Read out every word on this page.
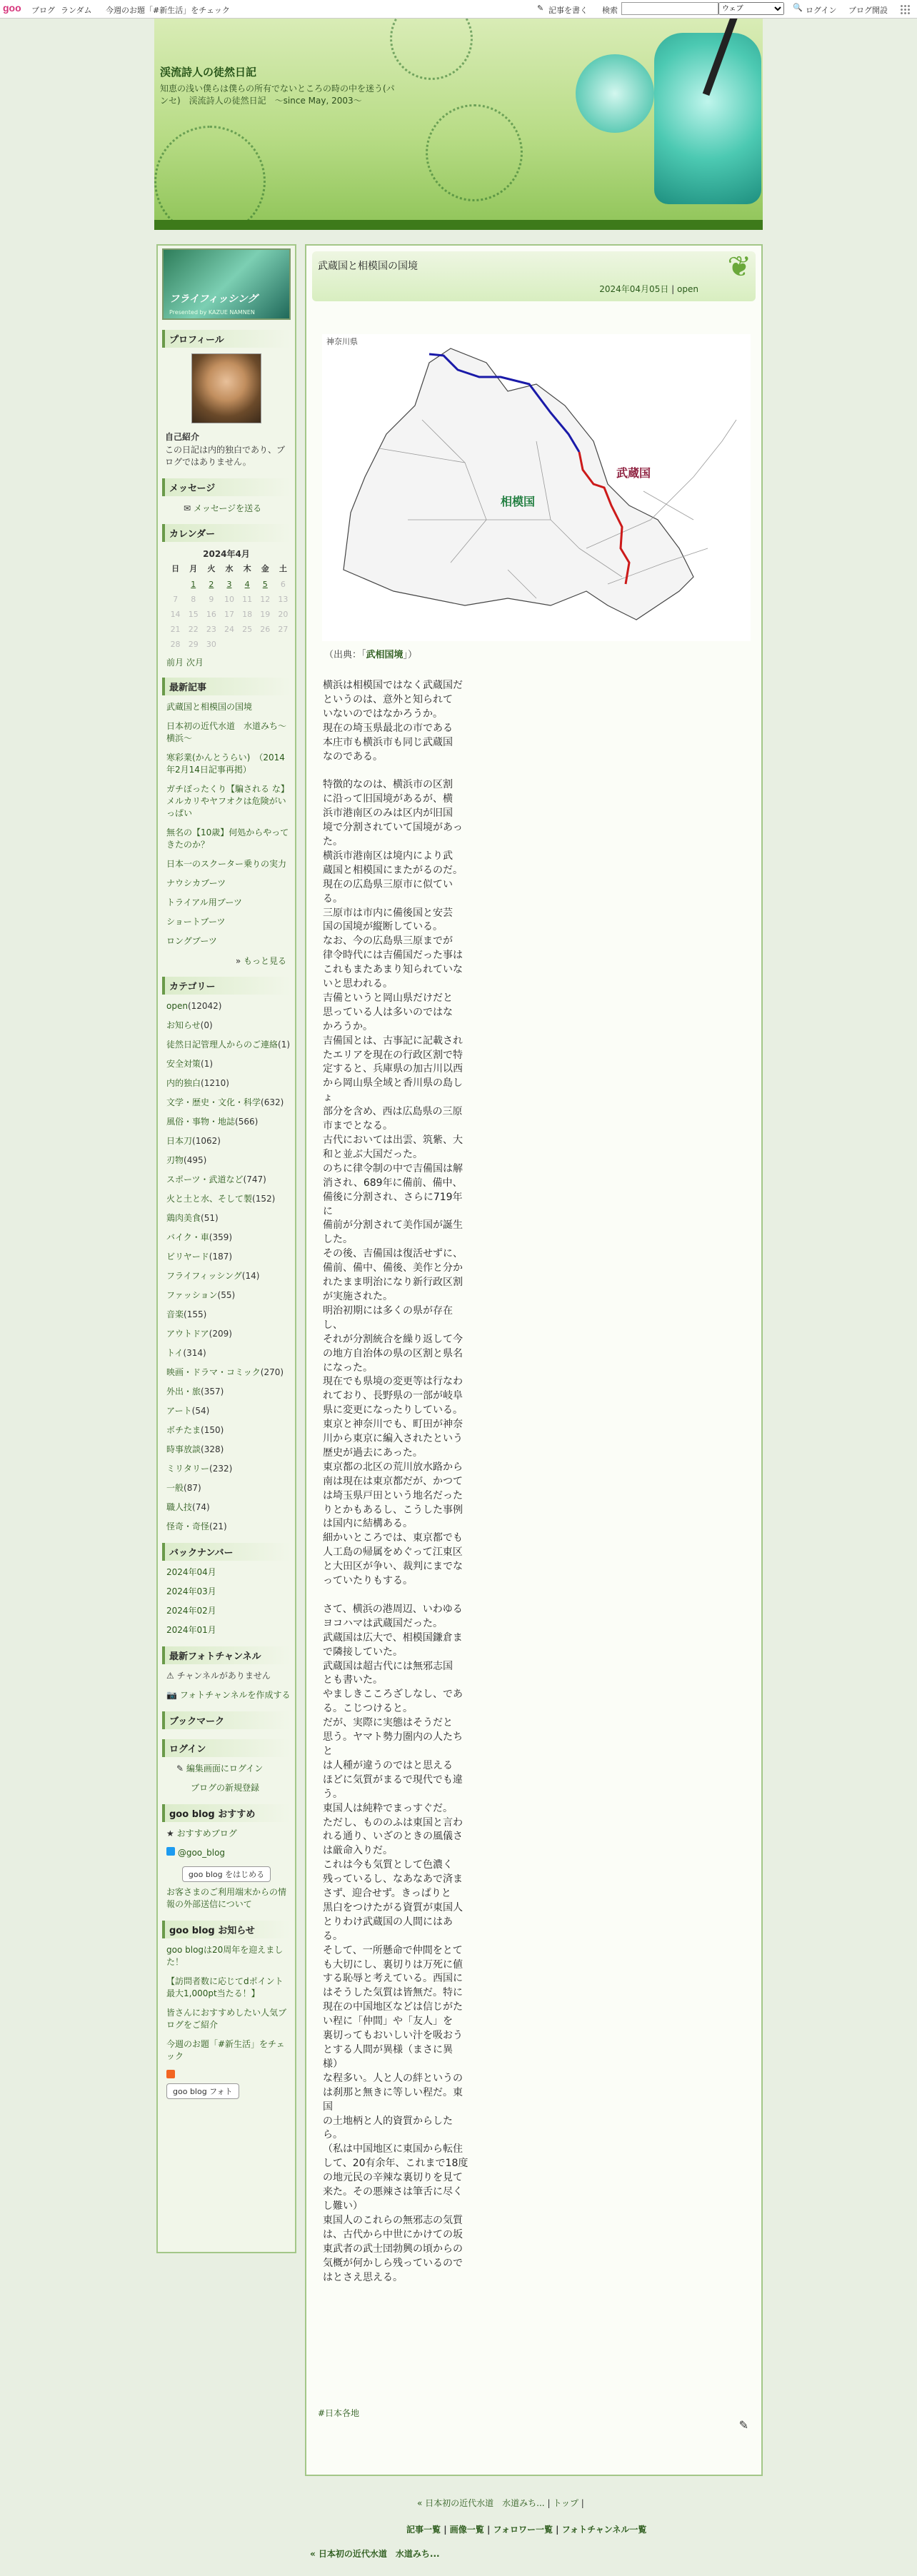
goo ブログ ランダム 今週のお題「#新生活」をチェック	✎ 記事を書く 検索
ウェブ	🔍 ログイン ブログ開設
渓流詩人の徒然日記
知恵の浅い僕らは僕らの所有でないところの時の中を迷う(パンセ)　渓流詩人の徒然日記　～since May, 2003～
フライフィッシング
Presented by KAZUE NAMNEN
プロフィール
自己紹介
この日記は内的独白であり、ブログではありません。
メッセージ
✉ メッセージを送る
カレンダー
2024年4月
日	月	火	水	木	金	土
	1	2	3	4	5	6
7	8	9	10	11	12	13
14	15	16	17	18	19	20
21	22	23	24	25	26	27
28	29	30				
前月 次月
最新記事
武蔵国と相模国の国境
日本初の近代水道　水道みち～横浜～
寒彩業(かんとうらい)　（2014年2月14日記事再掲）
ガチぼったくり【騙される な】メルカリやヤフオクは危険がいっぱい
無名の【10歳】何処からやってきたのか？
日本一のスクーター乗りの実力
ナウシカブーツ
トライアル用ブーツ
ショートブーツ
ロングブーツ
» もっと見る
カテゴリー
open(12042)
お知らせ(0)
徒然日記管理人からのご連絡(1)
安全対策(1)
内的独白(1210)
文学・歴史・文化・科学(632)
風俗・事物・地誌(566)
日本刀(1062)
刃物(495)
スポーツ・武道など(747)
火と土と水、そして製(152)
鶏肉美食(51)
バイク・車(359)
ビリヤード(187)
フライフィッシング(14)
ファッション(55)
音楽(155)
アウトドア(209)
トイ(314)
映画・ドラマ・コミック(270)
外出・旅(357)
アート(54)
ボチたま(150)
時事放談(328)
ミリタリー(232)
一般(87)
職人技(74)
怪奇・奇怪(21)
バックナンバー
2024年04月
2024年03月
2024年02月
2024年01月
最新フォトチャンネル
⚠ チャンネルがありません
📷 フォトチャンネルを作成する
ブックマーク
ログイン
✎ 編集画面にログイン
ブログの新規登録
goo blog おすすめ
★ おすすめブログ
@goo_blog
goo blog をはじめる
お客さまのご利用端末からの情報の外部送信について
goo blog お知らせ
goo blogは20周年を迎えました！
【訪問者数に応じてdポイント最大1,000pt当たる！】
皆さんにおすすめしたい人気ブログをご紹介
今週のお題「#新生活」をチェック
goo blog フォト
武蔵国と相模国の国境
2024年04月05日 | open
❦
神奈川県
武蔵国
相模国
（出典：「武相国境」）
横浜は相模国ではなく武蔵国だ
というのは、意外と知られて
いないのではなかろうか。
現在の埼玉県最北の市である
本庄市も横浜市も同じ武蔵国
なのである。

特徴的なのは、横浜市の区割
に沿って旧国境があるが、横
浜市港南区のみは区内が旧国
境で分割されていて国境があった。
横浜市港南区は境内により武
蔵国と相模国にまたがるのだ。
現在の広島県三原市に似ている。
三原市は市内に備後国と安芸
国の国境が縦断している。
なお、今の広島県三原までが
律令時代には吉備国だった事は
これもまたあまり知られていな
いと思われる。
吉備というと岡山県だけだと
思っている人は多いのではな
かろうか。
吉備国とは、古事記に記載され
たエリアを現在の行政区割で特
定すると、兵庫県の加古川以西
から岡山県全域と香川県の島しょ
部分を含め、西は広島県の三原
市までとなる。
古代においては出雲、筑紫、大
和と並ぶ大国だった。
のちに律令制の中で吉備国は解
消され、689年に備前、備中、
備後に分割され、さらに719年に
備前が分割されて美作国が誕生
した。
その後、吉備国は復活せずに、
備前、備中、備後、美作と分か
れたまま明治になり新行政区割
が実施された。
明治初期には多くの県が存在し、
それが分割統合を繰り返して今
の地方自治体の県の区割と県名
になった。
現在でも県境の変更等は行なわ
れており、長野県の一部が岐阜
県に変更になったりしている。
東京と神奈川でも、町田が神奈
川から東京に編入されたという
歴史が過去にあった。
東京都の北区の荒川放水路から
南は現在は東京都だが、かつて
は埼玉県戸田という地名だった
りとかもあるし、こうした事例
は国内に結構ある。
細かいところでは、東京都でも
人工島の帰属をめぐって江東区
と大田区が争い、裁判にまでな
っていたりもする。

さて、横浜の港周辺、いわゆる
ヨコハマは武蔵国だった。
武蔵国は広大で、相模国鎌倉ま
で隣接していた。
武蔵国は超古代には無邪志国
とも書いた。
やましきこころざしなし、であ
る。こじつけると。
だが、実際に実態はそうだと
思う。ヤマト勢力圏内の人たちと
は人種が違うのではと思える
ほどに気質がまるで現代でも違
う。
東国人は純粋でまっすぐだ。
ただし、もののふは東国と言わ
れる通り、いざのときの風儀さ
は厳命入りだ。
これは今も気質として色濃く
残っているし、なあなあで済ま
さず、迎合せず。きっぱりと
黒白をつけたがる資質が東国人
とりわけ武蔵国の人間にはある。
そして、一所懸命で仲間をとて
も大切にし、裏切りは万死に値
する恥辱と考えている。西国に
はそうした気質は皆無だ。特に
現在の中国地区などは信じがた
い程に「仲間」や「友人」を
裏切ってもおいしい汁を吸おう
とする人間が異様（まさに異様）
な程多い。人と人の絆というの
は刹那と無きに等しい程だ。東国
の土地柄と人的資質からしたら。
（私は中国地区に東国から転住
して、20有余年、これまで18度
の地元民の辛辣な裏切りを見て
来た。その悪辣さは筆舌に尽く
し難い）
東国人のこれらの無邪志の気質
は、古代から中世にかけての坂
東武者の武士団勃興の頃からの
気概が何かしら残っているので
はとさえ思える。
#日本各地
✎
« 日本初の近代水道　水道みち... | トップ |
記事一覧 | 画像一覧 | フォロワー一覧 | フォトチャンネル一覧
« 日本初の近代水道　水道みち...
